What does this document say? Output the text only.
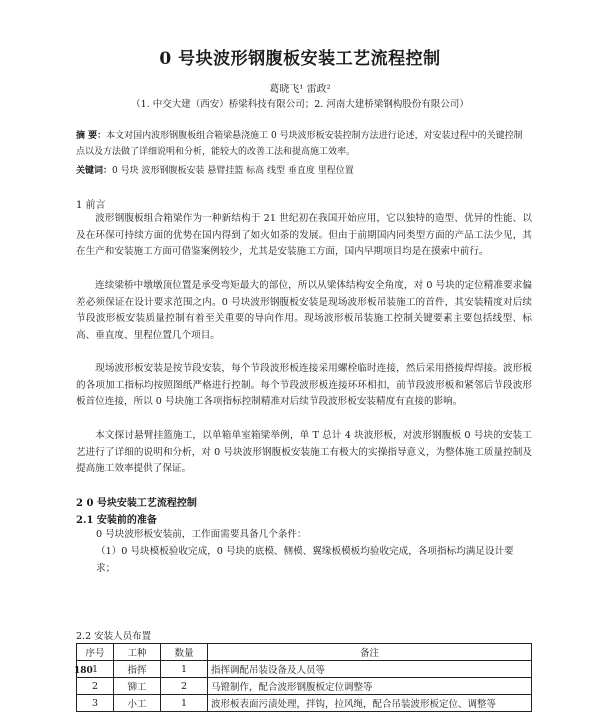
0 号块波形钢腹板安装工艺流程控制
葛晓飞¹ 雷政²
（1. 中交大建（西安）桥梁科技有限公司；2. 河南大建桥梁钢构股份有限公司）
摘 要：本文对国内波形钢腹板组合箱梁悬浇施工 0 号块波形板安装控制方法进行论述，对安装过程中的关键控制点以及方法做了详细说明和分析，能较大的改善工法和提高施工效率。
关键词：0 号块 波形钢腹板安装 悬臂挂篮 标高 线型 垂直度 里程位置
1 前言
波形钢腹板组合箱梁作为一种新结构于 21 世纪初在我国开始应用，它以独特的造型、优异的性能、以及在环保可持续方面的优势在国内得到了如火如荼的发展。但由于前期国内同类型方面的产品工法少见，其在生产和安装施工方面可借鉴案例较少，尤其是安装施工方面，国内早期项目均是在摸索中前行。
连续梁桥中墩墩顶位置是承受弯矩最大的部位，所以从梁体结构安全角度，对 0 号块的定位精准要求偏差必须保证在设计要求范围之内。0 号块波形钢腹板安装是现场波形板吊装施工的首件，其安装精度对后续节段波形板安装质量控制有着至关重要的导向作用。现场波形板吊装施工控制关键要素主要包括线型、标高、垂直度、里程位置几个项目。
现场波形板安装是按节段安装，每个节段波形板连接采用螺栓临时连接，然后采用搭接焊焊接。波形板的各项加工指标均按照图纸严格进行控制。每个节段波形板连接环环相扣，前节段波形板和紧邻后节段波形板首位连接，所以 0 号块施工各项指标控制精准对后续节段波形板安装精度有直接的影响。
本文探讨悬臂挂篮施工，以单箱单室箱梁举例，单 T 总计 4 块波形板，对波形钢腹板 0 号块的安装工艺进行了详细的说明和分析，对 0 号块波形钢腹板安装施工有极大的实操指导意义，为整体施工质量控制及提高施工效率提供了保证。
2 0 号块安装工艺流程控制
2.1 安装前的准备
0 号块波形板安装前，工作面需要具备几个条件：
（1）0 号块模板验收完成，0 号块的底模、侧模、翼缘板模板均验收完成，各项指标均满足设计要求；
2.2 安装人员布置
序号	工种	数量	备注
1	指挥	1	指挥调配吊装设备及人员等
2	铆工	2	马镫制作，配合波形钢腹板定位调整等
3	小工	1	波形板表面污渍处理，拌钩，拉风绳，配合吊装波形板定位、调整等
180
